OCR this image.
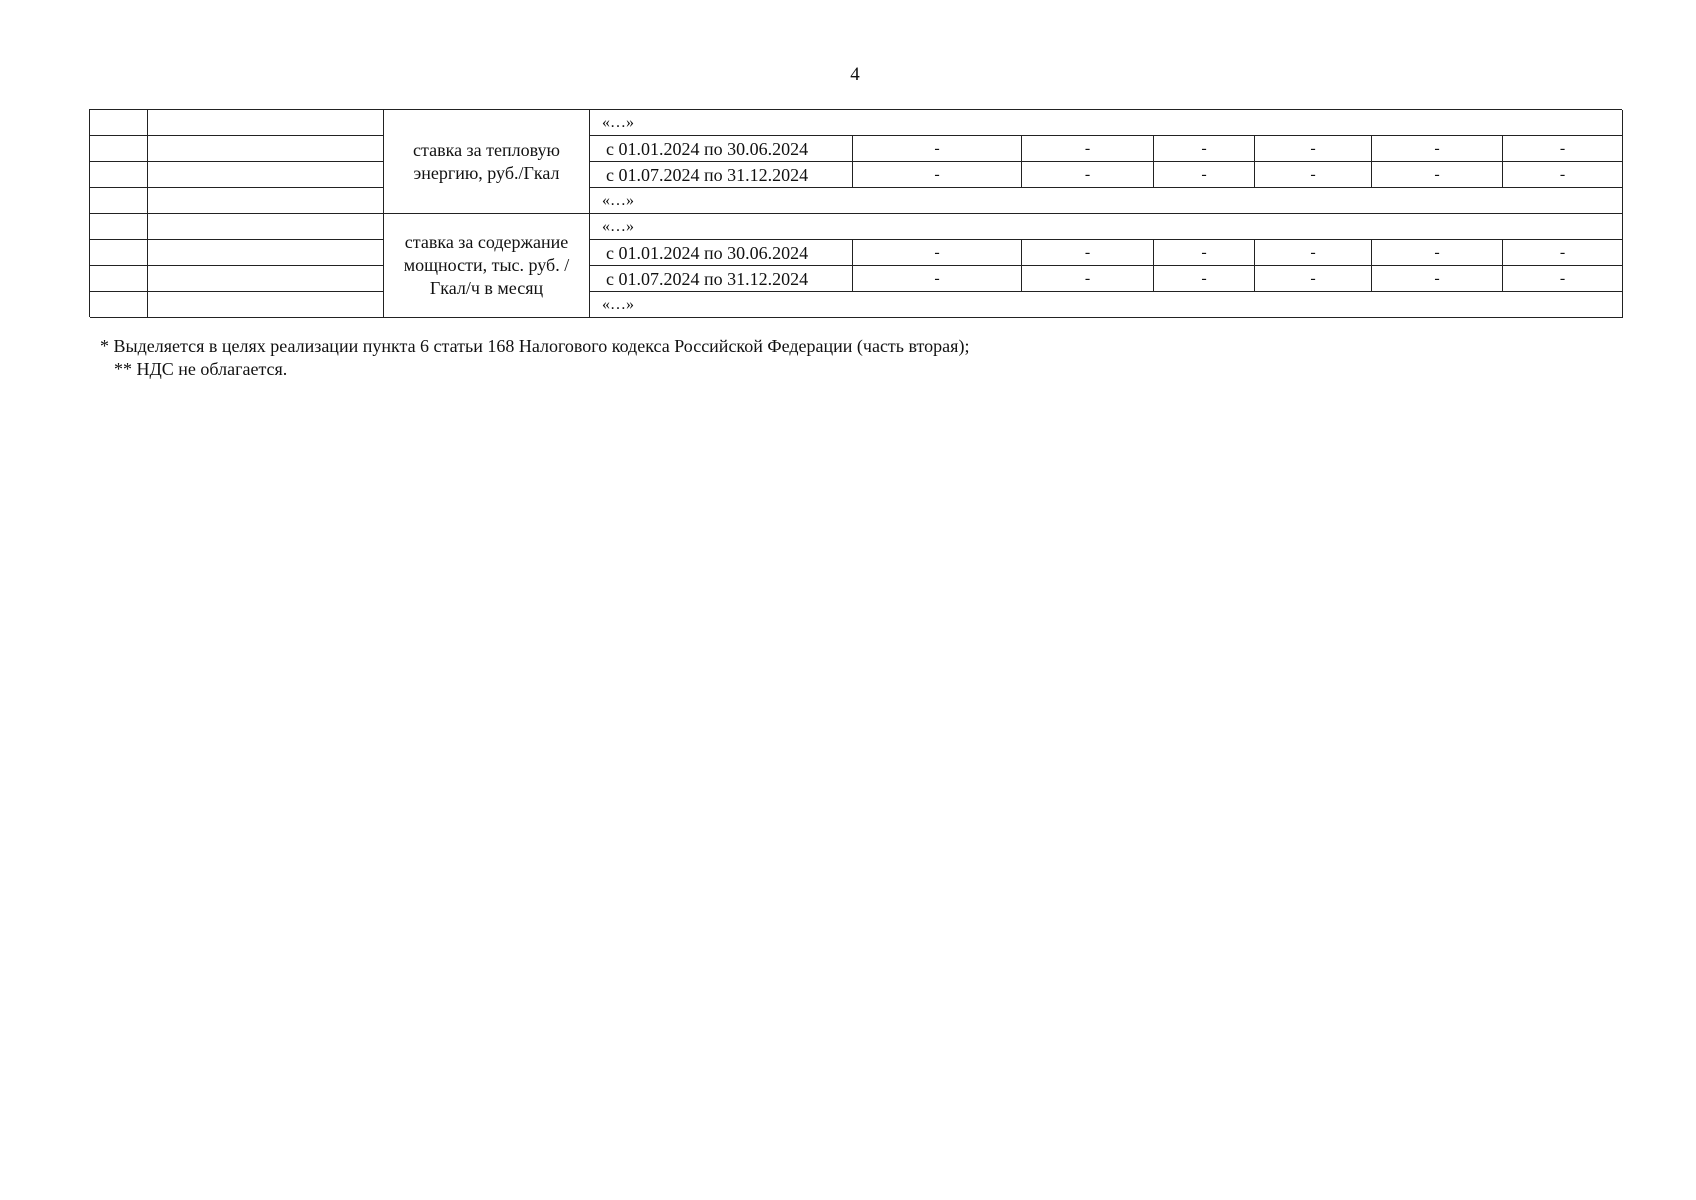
4
ставка за тепловую энергию, руб./Гкал
«…»
с 01.01.2024 по 30.06.2024	-	-	-	-	-	-
с 01.07.2024 по 31.12.2024	-	-	-	-	-	-
«…»
ставка за содержание мощности, тыс. руб. /Гкал/ч в месяц
«…»
с 01.01.2024 по 30.06.2024	-	-	-	-	-	-
с 01.07.2024 по 31.12.2024	-	-	-	-	-	-
«…»
* Выделяется в целях реализации пункта 6 статьи 168 Налогового кодекса Российской Федерации (часть вторая);
** НДС не облагается.
